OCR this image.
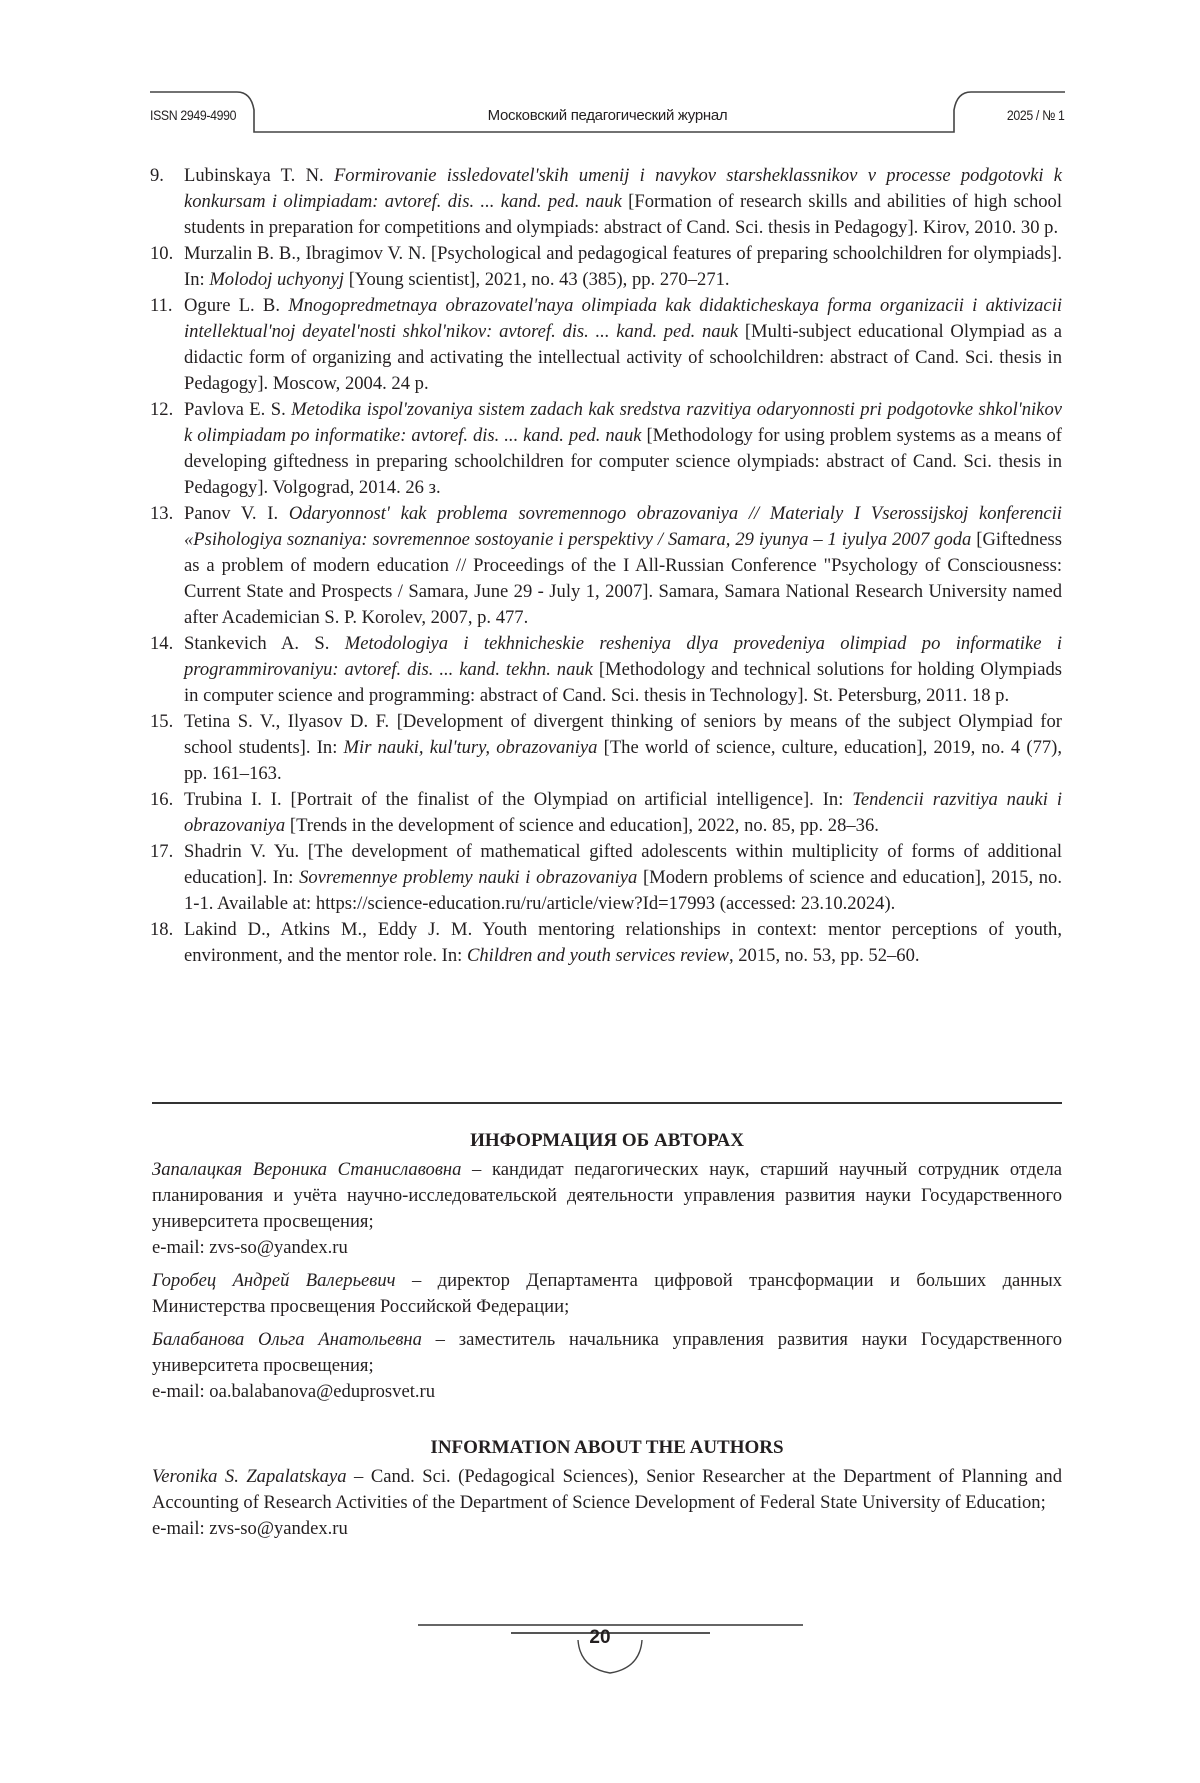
ISSN 2949-4990	Московский педагогический журнал	2025 / № 1
9. Lubinskaya T. N. Formirovanie issledovatel'skih umenij i navykov starsheklassnikov v processe podgotovki k konkursam i olimpiadam: avtoref. dis. ... kand. ped. nauk [Formation of research skills and abilities of high school students in preparation for competitions and olympiads: abstract of Cand. Sci. thesis in Pedagogy]. Kirov, 2010. 30 p.
10. Murzalin B. B., Ibragimov V. N. [Psychological and pedagogical features of preparing schoolchildren for olympiads]. In: Molodoj uchyonyj [Young scientist], 2021, no. 43 (385), pp. 270–271.
11. Ogure L. B. Mnogopredmetnaya obrazovatel'naya olimpiada kak didakticheskaya forma organizacii i aktivizacii intellektual'noj deyatel'nosti shkol'nikov: avtoref. dis. ... kand. ped. nauk [Multi-subject educational Olympiad as a didactic form of organizing and activating the intellectual activity of schoolchildren: abstract of Cand. Sci. thesis in Pedagogy]. Moscow, 2004. 24 p.
12. Pavlova E. S. Metodika ispol'zovaniya sistem zadach kak sredstva razvitiya odaryonnosti pri podgotovke shkol'nikov k olimpiadam po informatike: avtoref. dis. ... kand. ped. nauk [Methodology for using problem systems as a means of developing giftedness in preparing schoolchildren for computer science olympiads: abstract of Cand. Sci. thesis in Pedagogy]. Volgograd, 2014. 26 з.
13. Panov V. I. Odaryonnost' kak problema sovremennogo obrazovaniya // Materialy I Vserossijskoj konferencii «Psihologiya soznaniya: sovremennoe sostoyanie i perspektivy / Samara, 29 iyunya – 1 iyulya 2007 goda [Giftedness as a problem of modern education // Proceedings of the I All-Russian Conference "Psychology of Consciousness: Current State and Prospects / Samara, June 29 - July 1, 2007]. Samara, Samara National Research University named after Academician S. P. Korolev, 2007, p. 477.
14. Stankevich A. S. Metodologiya i tekhnicheskie resheniya dlya provedeniya olimpiad po informatike i programmirovaniyu: avtoref. dis. ... kand. tekhn. nauk [Methodology and technical solutions for holding Olympiads in computer science and programming: abstract of Cand. Sci. thesis in Technology]. St. Petersburg, 2011. 18 p.
15. Tetina S. V., Ilyasov D. F. [Development of divergent thinking of seniors by means of the subject Olympiad for school students]. In: Mir nauki, kul'tury, obrazovaniya [The world of science, culture, education], 2019, no. 4 (77), pp. 161–163.
16. Trubina I. I. [Portrait of the finalist of the Olympiad on artificial intelligence]. In: Tendencii razvitiya nauki i obrazovaniya [Trends in the development of science and education], 2022, no. 85, pp. 28–36.
17. Shadrin V. Yu. [The development of mathematical gifted adolescents within multiplicity of forms of additional education]. In: Sovremennye problemy nauki i obrazovaniya [Modern problems of science and education], 2015, no. 1-1. Available at: https://science-education.ru/ru/article/view?Id=17993 (accessed: 23.10.2024).
18. Lakind D., Atkins M., Eddy J. M. Youth mentoring relationships in context: mentor perceptions of youth, environment, and the mentor role. In: Children and youth services review, 2015, no. 53, pp. 52–60.
ИНФОРМАЦИЯ ОБ АВТОРАХ

Запалацкая Вероника Станиславовна – кандидат педагогических наук, старший научный сотрудник отдела планирования и учёта научно-исследовательской деятельности управления развития науки Государственного университета просвещения;

e-mail: zvs-so@yandex.ru

Горобец Андрей Валерьевич – директор Департамента цифровой трансформации и больших данных Министерства просвещения Российской Федерации;

Балабанова Ольга Анатольевна – заместитель начальника управления развития науки Государственного университета просвещения;

e-mail: oa.balabanova@eduprosvet.ru

INFORMATION ABOUT THE AUTHORS

Veronika S. Zapalatskaya – Cand. Sci. (Pedagogical Sciences), Senior Researcher at the Department of Planning and Accounting of Research Activities of the Department of Science Development of Federal State University of Education;

e-mail: zvs-so@yandex.ru

20
